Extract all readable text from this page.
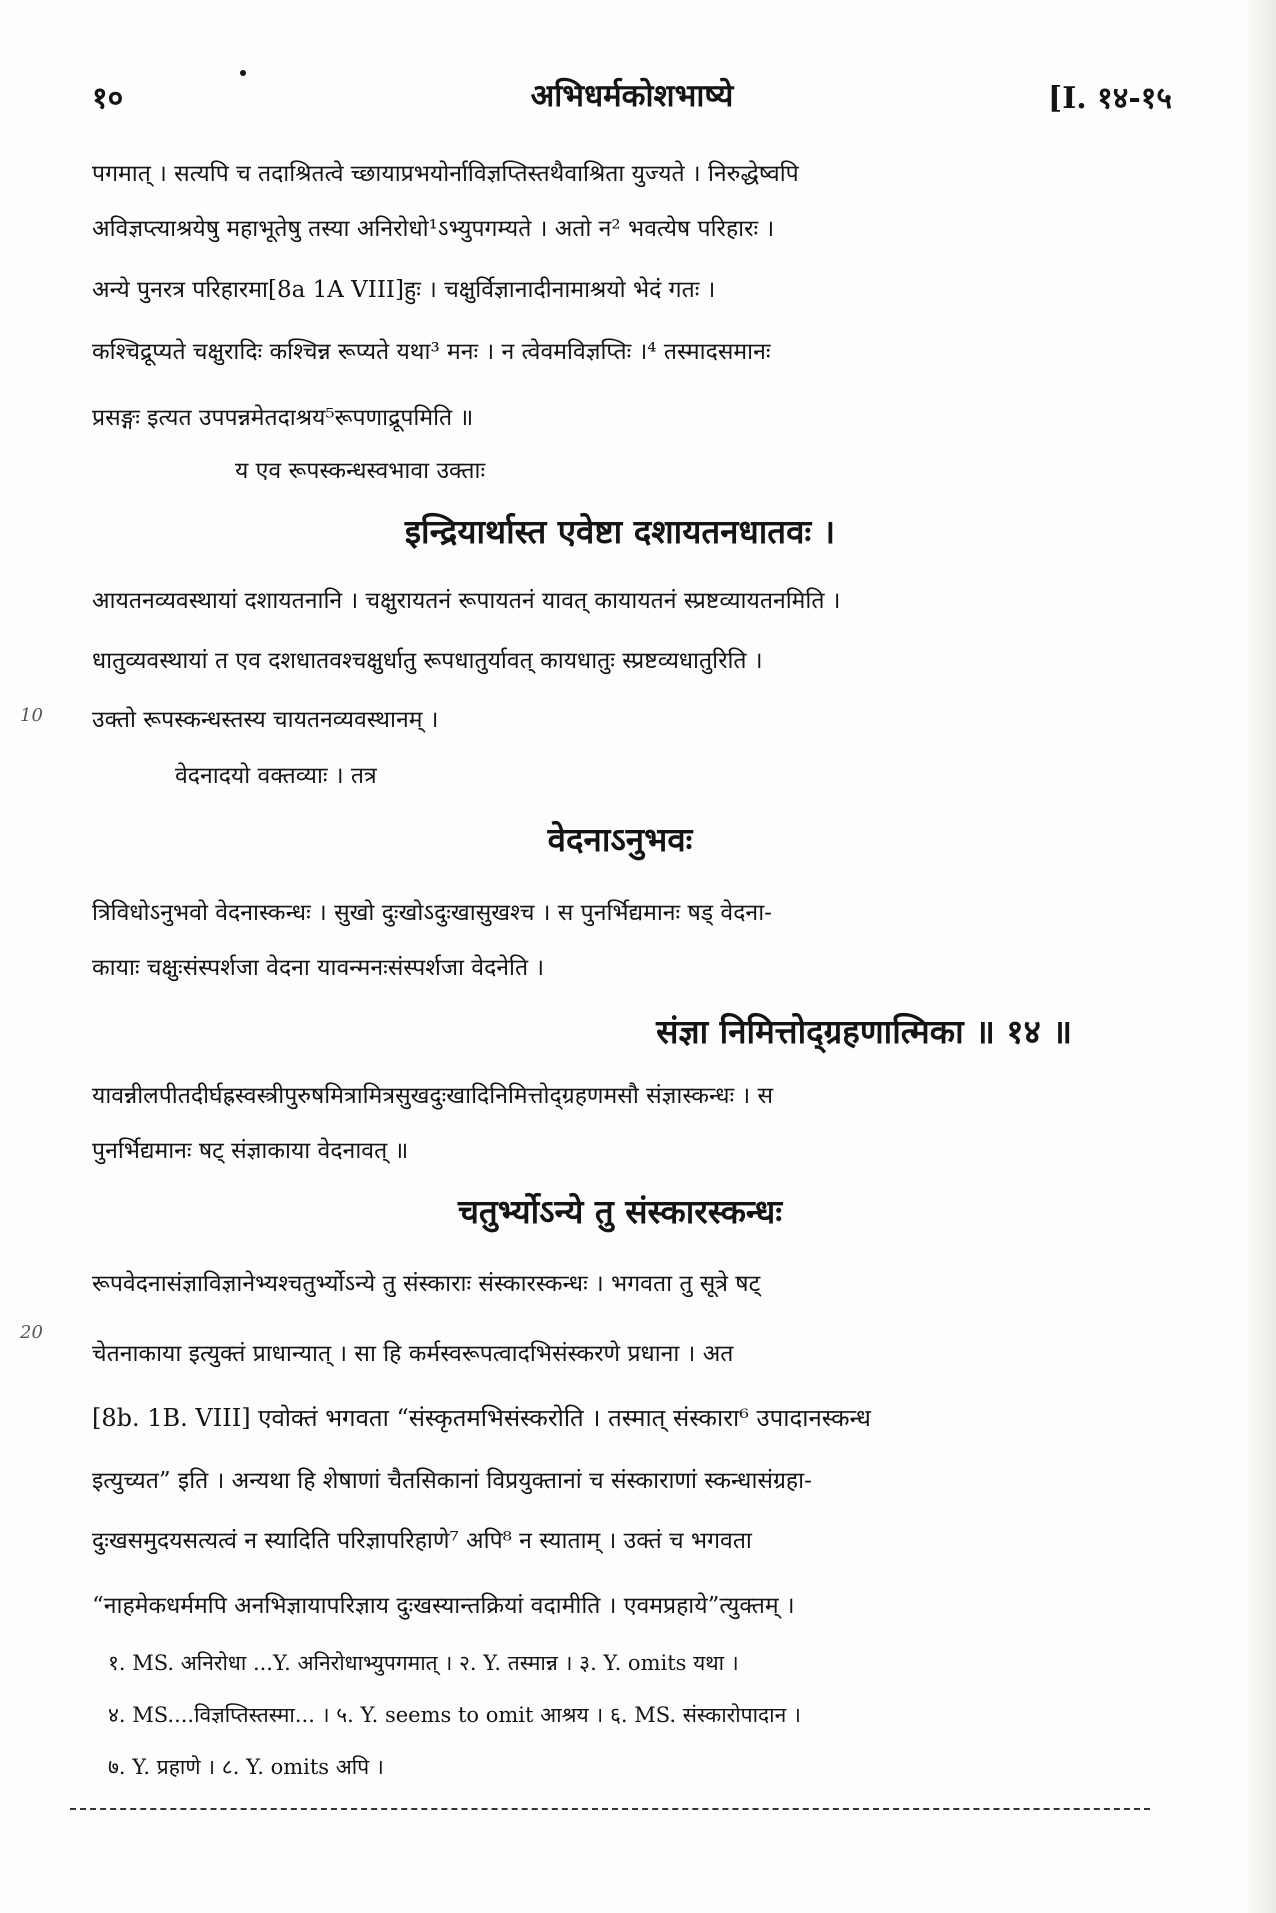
१०	अभिधर्मकोशभाष्ये	[I. १४-१५
पगमात् । सत्यपि च तदाश्रितत्वे च्छायाप्रभयोर्नाविज्ञप्तिस्तथैवाश्रिता युज्यते । निरुद्धेष्वपि
अविज्ञप्त्याश्रयेषु महाभूतेषु तस्या अनिरोधो¹ऽभ्युपगम्यते । अतो न² भवत्येष परिहारः ।
अन्ये पुनरत्र परिहारमा[8a 1A VIII]हुः । चक्षुर्विज्ञानादीनामाश्रयो भेदं गतः ।
कश्चिद्रूप्यते चक्षुरादिः कश्चिन्न रूप्यते यथा³ मनः । न त्वेवमविज्ञप्तिः ।⁴ तस्मादसमानः
प्रसङ्गः इत्यत उपपन्नमेतदाश्रय⁵रूपणाद्रूपमिति ॥
य एव रूपस्कन्धस्वभावा उक्ताः
इन्द्रियार्थास्त एवेष्टा दशायतनधातवः ।
आयतनव्यवस्थायां दशायतनानि । चक्षुरायतनं रूपायतनं यावत् कायायतनं स्प्रष्टव्यायतनमिति ।
धातुव्यवस्थायां त एव दशधातवश्चक्षुर्धातु रूपधातुर्यावत् कायधातुः स्प्रष्टव्यधातुरिति ।
10 उक्तो रूपस्कन्धस्तस्य चायतनव्यवस्थानम् ।
वेदनादयो वक्तव्याः । तत्र
वेदनाऽनुभवः
त्रिविधोऽनुभवो वेदनास्कन्धः । सुखो दुःखोऽदुःखासुखश्च । स पुनर्भिद्यमानः षड् वेदना-
कायाः चक्षुःसंस्पर्शजा वेदना यावन्मनःसंस्पर्शजा वेदनेति ।
संज्ञा निमित्तोद्ग्रहणात्मिका ॥ १४ ॥
यावन्नीलपीतदीर्घह्रस्वस्त्रीपुरुषमित्रामित्रसुखदुःखादिनिमित्तोद्ग्रहणमसौ संज्ञास्कन्धः । स
पुनर्भिद्यमानः षट् संज्ञाकाया वेदनावत् ॥
चतुर्भ्योऽन्ये तु संस्कारस्कन्धः
रूपवेदनासंज्ञाविज्ञानेभ्यश्चतुर्भ्योऽन्ये तु संस्काराः संस्कारस्कन्धः । भगवता तु सूत्रे षट्
20
चेतनाकाया इत्युक्तं प्राधान्यात् । सा हि कर्मस्वरूपत्वादभिसंस्करणे प्रधाना । अत
[8b. 1B. VIII] एवोक्तं भगवता “संस्कृतमभिसंस्करोति । तस्मात् संस्कारा⁶ उपादानस्कन्ध
इत्युच्यत” इति । अन्यथा हि शेषाणां चैतसिकानां विप्रयुक्तानां च संस्काराणां स्कन्धासंग्रहा-
दुःखसमुदयसत्यत्वं न स्यादिति परिज्ञापरिहाणे⁷ अपि⁸ न स्याताम् । उक्तं च भगवता
“नाहमेकधर्ममपि अनभिज्ञायापरिज्ञाय दुःखस्यान्तक्रियां वदामीति । एवमप्रहाये”त्युक्तम् ।
१. MS. अनिरोधा ...Y. अनिरोधाभ्युपगमात् । २. Y. तस्मान्न । ३. Y. omits यथा ।
४. MS....विज्ञप्तिस्तस्मा... । ५. Y. seems to omit आश्रय । ६. MS. संस्कारोपादान ।
७. Y. प्रहाणे । ८. Y. omits अपि ।
